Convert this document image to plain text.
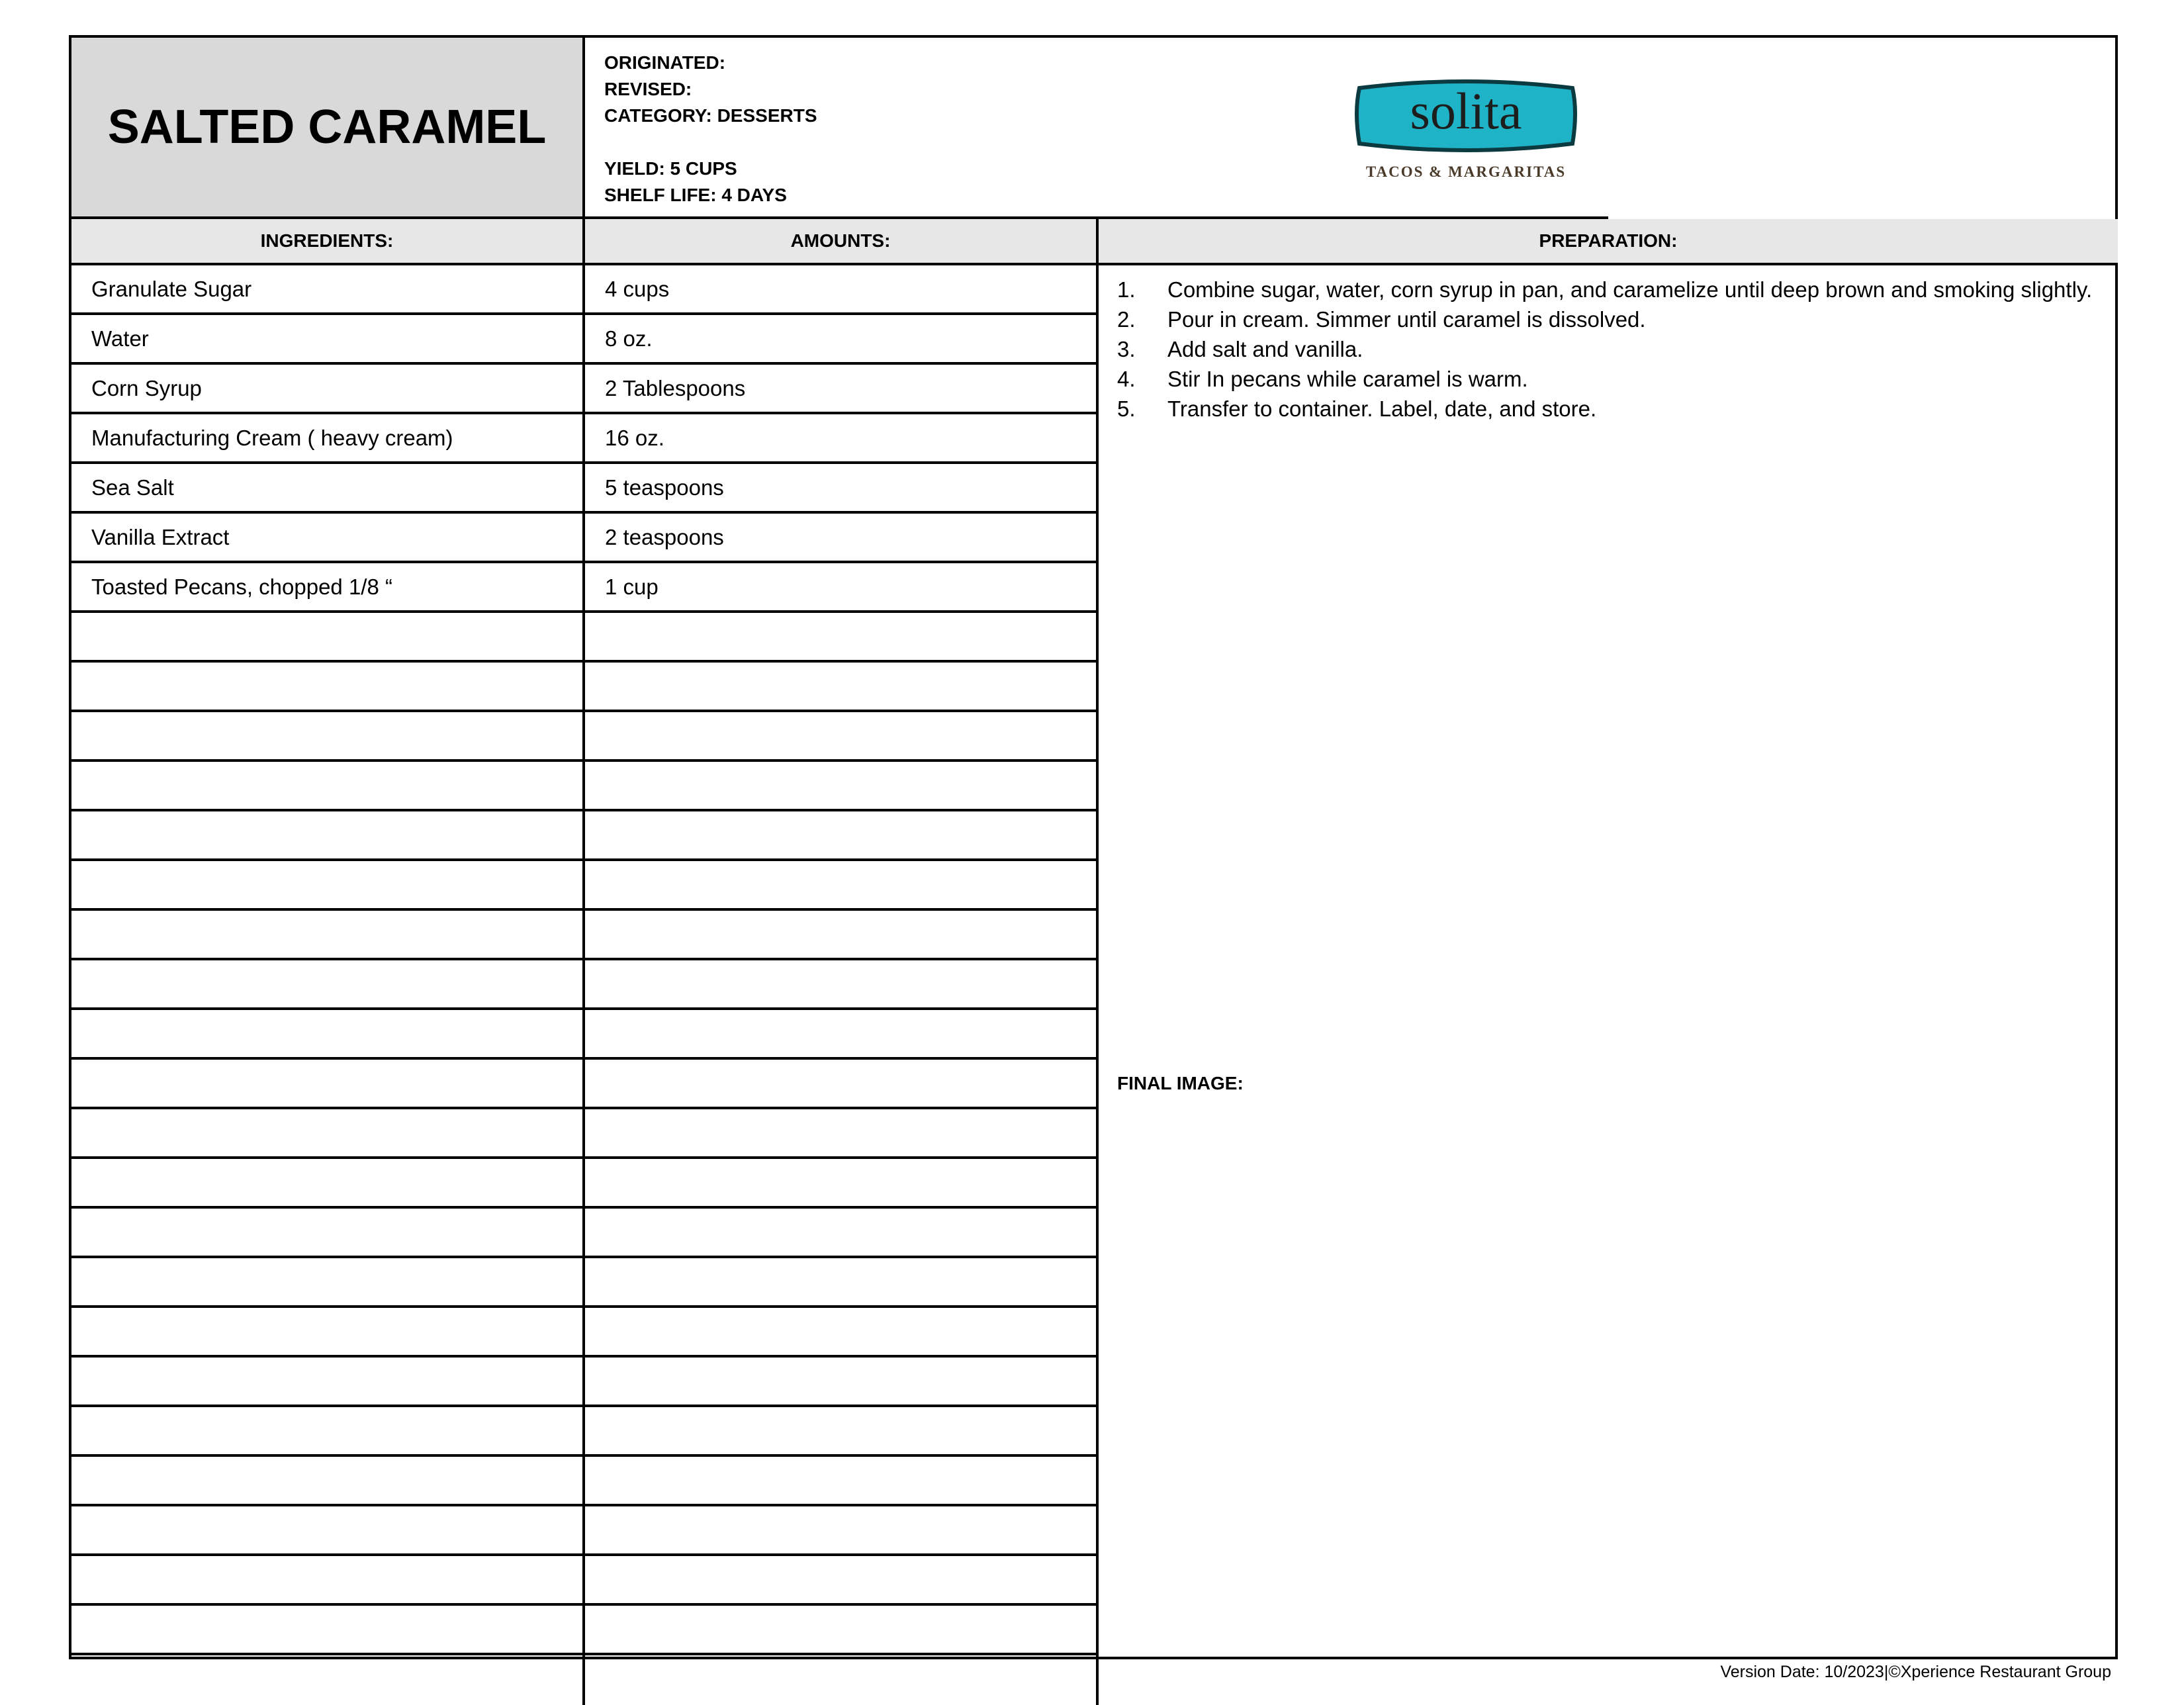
SALTED CARAMEL
ORIGINATED:
REVISED:
CATEGORY: DESSERTS
YIELD: 5 CUPS
SHELF LIFE: 4 DAYS
solita
TACOS & MARGARITAS
INGREDIENTS:	AMOUNTS:	PREPARATION:
Granulate Sugar	4 cups
Water	8 oz.
Corn Syrup	2 Tablespoons
Manufacturing Cream ( heavy cream)	16 oz.
Sea Salt	5 teaspoons
Vanilla Extract	2 teaspoons
Toasted Pecans, chopped 1/8 “	1 cup
1.	Combine sugar, water, corn syrup in pan, and caramelize until deep brown and smoking slightly.
2.	Pour in cream. Simmer until caramel is dissolved.
3.	Add salt and vanilla.
4.	Stir In pecans while caramel is warm.
5.	Transfer to container. Label, date, and store.
FINAL IMAGE:
Version Date: 10/2023|©Xperience Restaurant Group
